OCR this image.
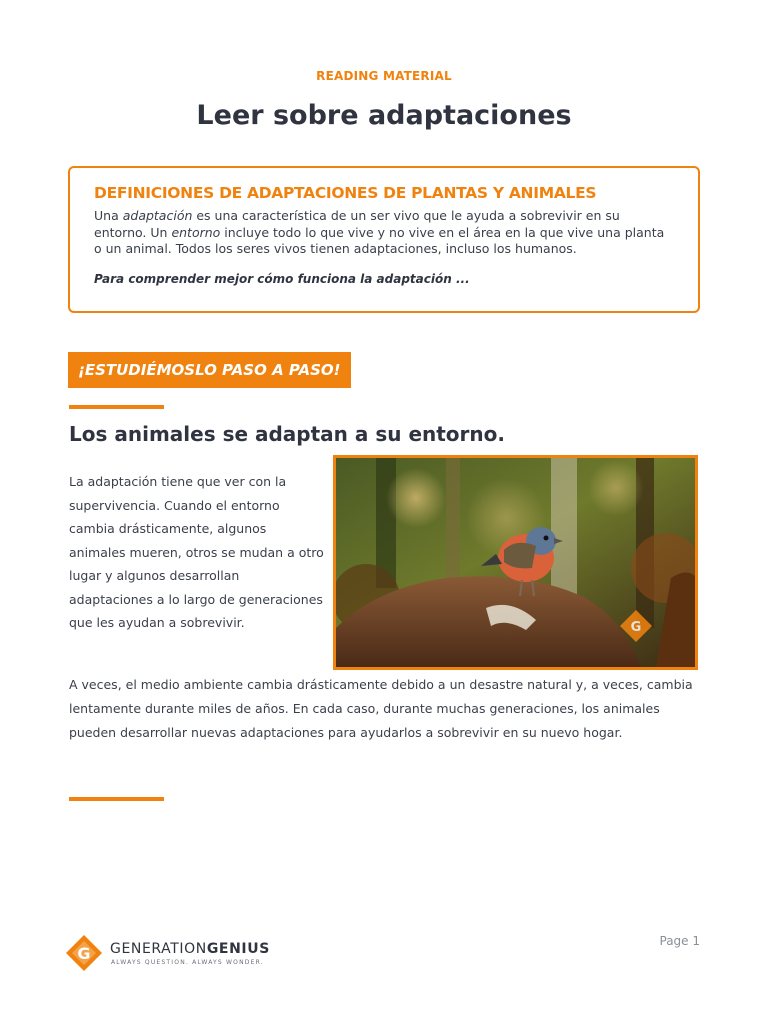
READING MATERIAL
Leer sobre adaptaciones
DEFINICIONES DE ADAPTACIONES DE PLANTAS Y ANIMALES

Una adaptación es una característica de un ser vivo que le ayuda a sobrevivir en su entorno. Un entorno incluye todo lo que vive y no vive en el área en la que vive una planta o un animal. Todos los seres vivos tienen adaptaciones, incluso los humanos.

Para comprender mejor cómo funciona la adaptación ...

¡ESTUDIÉMOSLO PASO A PASO!
Los animales se adaptan a su entorno.

La adaptación tiene que ver con la supervivencia. Cuando el entorno cambia drásticamente, algunos animales mueren, otros se mudan a otro lugar y algunos desarrollan adaptaciones a lo largo de generaciones que les ayudan a sobrevivir.	G

A veces, el medio ambiente cambia drásticamente debido a un desastre natural y, a veces, cambia lentamente durante miles de años. En cada caso, durante muchas generaciones, los animales pueden desarrollar nuevas adaptaciones para ayudarlos a sobrevivir en su nuevo hogar.

G GENERATIONGENIUS
ALWAYS QUESTION. ALWAYS WONDER.
Page 1
